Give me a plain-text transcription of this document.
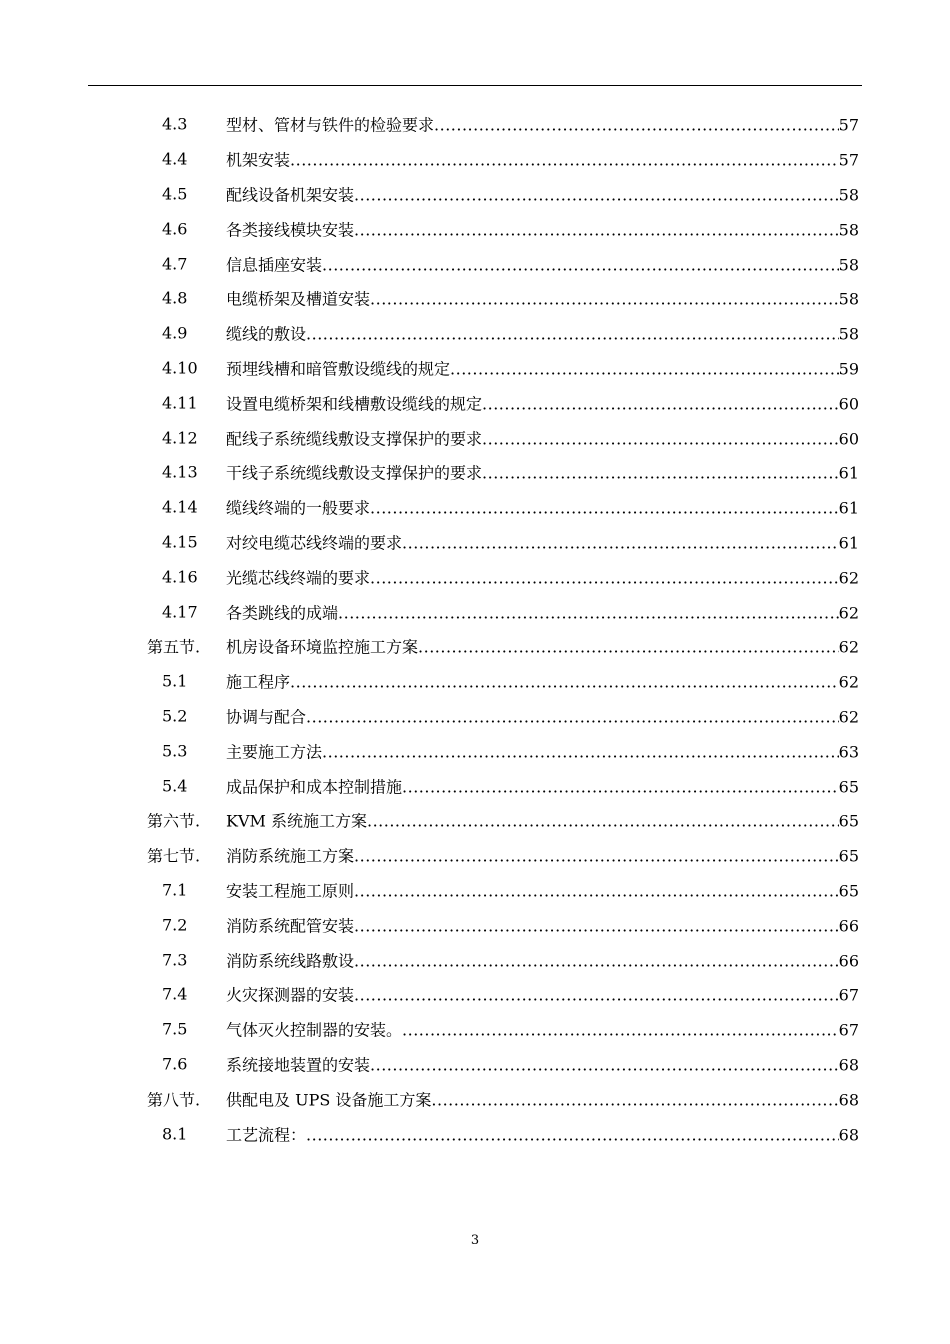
4.3 型材、管材与铁件的检验要求 .....	57
4.4 机架安装 .....	57
4.5 配线设备机架安装 .....	58
4.6 各类接线模块安装 .....	58
4.7 信息插座安装 .....	58
4.8 电缆桥架及槽道安装 .....	58
4.9 缆线的敷设 .....	58
4.10 预埋线槽和暗管敷设缆线的规定 .....	59
4.11 设置电缆桥架和线槽敷设缆线的规定 .....	60
4.12 配线子系统缆线敷设支撑保护的要求 .....	60
4.13 干线子系统缆线敷设支撑保护的要求 .....	61
4.14 缆线终端的一般要求 .....	61
4.15 对绞电缆芯线终端的要求 .....	61
4.16 光缆芯线终端的要求 .....	62
4.17 各类跳线的成端 .....	62
第五节. 机房设备环境监控施工方案 .....	62
5.1 施工程序 .....	62
5.2 协调与配合 .....	62
5.3 主要施工方法 .....	63
5.4 成品保护和成本控制措施 .....	65
第六节. KVM 系统施工方案 .....	65
第七节. 消防系统施工方案 .....	65
7.1 安装工程施工原则 .....	65
7.2 消防系统配管安装 .....	66
7.3 消防系统线路敷设 .....	66
7.4 火灾探测器的安装 .....	67
7.5 气体灭火控制器的安装。 .....	67
7.6 系统接地装置的安装 .....	68
第八节. 供配电及 UPS 设备施工方案 .....	68
8.1 工艺流程： .....	68
3
